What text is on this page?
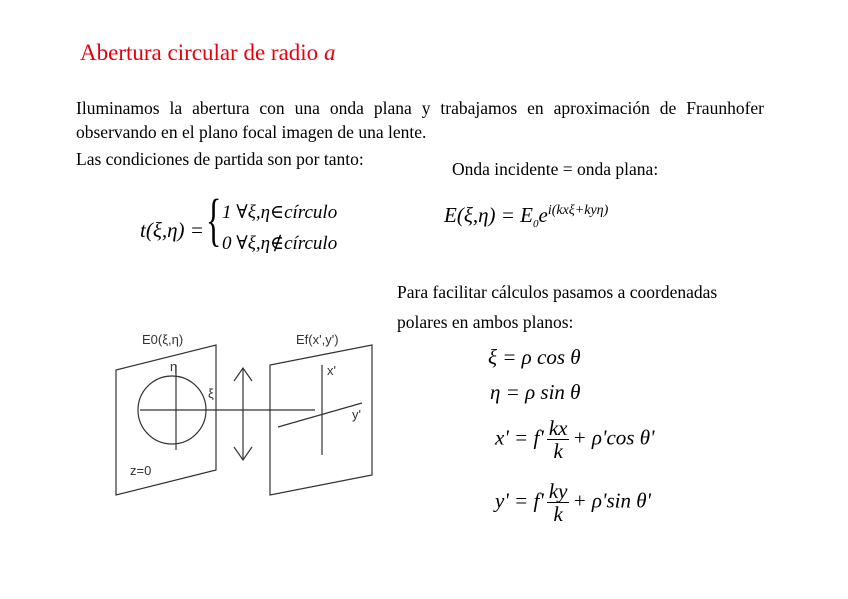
Abertura circular de radio a
Iluminamos la abertura con una onda plana y trabajamos en aproximación de Fraunhofer observando en el plano focal imagen de una lente.
Las condiciones de partida son por tanto:	Onda incidente = onda plana:
t(ξ,η) = { 1 ∀ξ,η∈círculo
0 ∀ξ,η∉círculo
$E(\xi,\eta) = E_0e^{i(kx\xi+ky\eta)}$
Para facilitar cálculos pasamos a coordenadas
polares en ambos planos:
ξ = ρ cos θ
η = ρ sin θ
$x' = f' \frac{kx}{k} + \rho'\cos$ θ'
$y' = f' \frac{ky}{k} + \rho'\sin$ θ'
E0(ξ,η)	Ef(x',y')
η
ξ
z=0
x'
y'
